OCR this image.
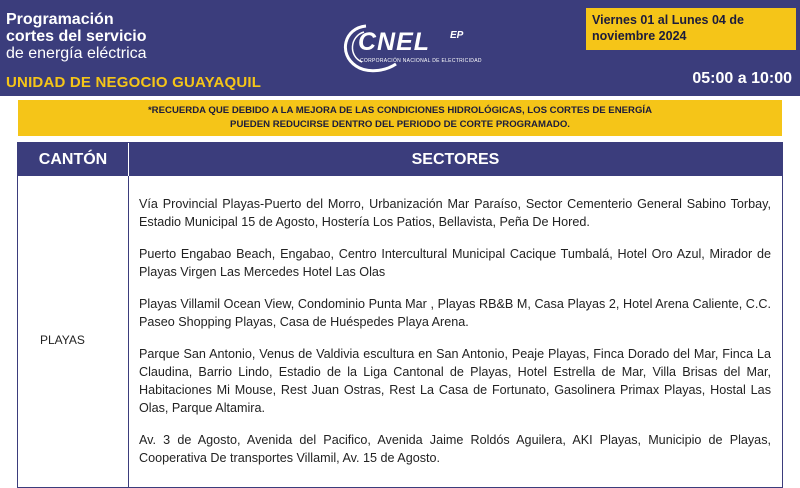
Programación
cortes del servicio
de energía eléctrica
UNIDAD DE NEGOCIO GUAYAQUIL
CNEL EP
CORPORACIÓN NACIONAL DE ELECTRICIDAD
Viernes 01 al Lunes 04 de
noviembre 2024
05:00 a 10:00
*RECUERDA QUE DEBIDO A LA MEJORA DE LAS CONDICIONES HIDROLÓGICAS, LOS CORTES DE ENERGÍA
PUEDEN REDUCIRSE DENTRO DEL PERIODO DE CORTE PROGRAMADO.
CANTÓN	SECTORES
PLAYAS

Vía Provincial Playas-Puerto del Morro, Urbanización Mar Paraíso, Sector Cementerio General Sabino Torbay, Estadio Municipal 15 de Agosto, Hostería Los Patios, Bellavista, Peña De Hored.

Puerto Engabao Beach, Engabao, Centro Intercultural Municipal Cacique Tumbalá, Hotel Oro Azul, Mirador de Playas Virgen Las Mercedes Hotel Las Olas

Playas Villamil Ocean View, Condominio Punta Mar , Playas RB&B M, Casa Playas 2, Hotel Arena Caliente, C.C. Paseo Shopping Playas, Casa de Huéspedes Playa Arena.

Parque San Antonio, Venus de Valdivia escultura en San Antonio, Peaje Playas, Finca Dorado del Mar, Finca La Claudina, Barrio Lindo, Estadio de la Liga Cantonal de Playas, Hotel Estrella de Mar, Villa Brisas del Mar, Habitaciones Mi Mouse, Rest Juan Ostras, Rest La Casa de Fortunato, Gasolinera Primax Playas, Hostal Las Olas, Parque Altamira.

Av. 3 de Agosto, Avenida del Pacifico, Avenida Jaime Roldós Aguilera, AKI Playas, Municipio de Playas, Cooperativa De transportes Villamil, Av. 15 de Agosto.
